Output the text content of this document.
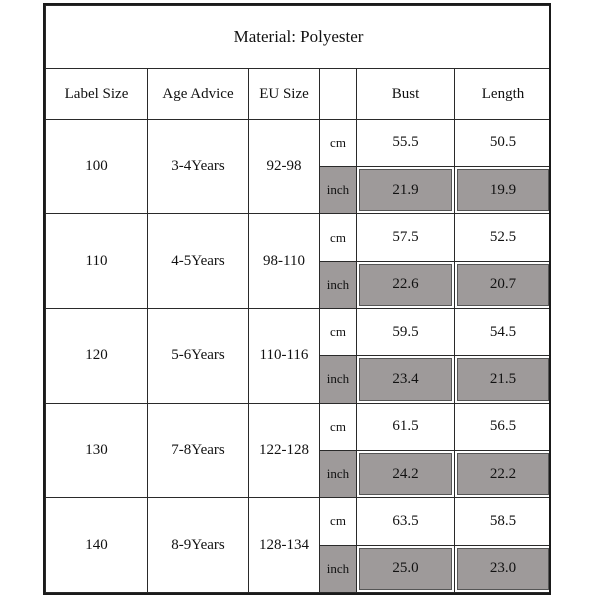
Material: Polyester					
Label Size	Age Advice	EU Size		Bust	Length
100	3-4Years	92-98	cm	55.5	50.5
			inch	21.9	19.9

110	4-5Years	98-110	cm	57.5	52.5
			inch	22.6	20.7

120	5-6Years	110-116	cm	59.5	54.5
			inch	23.4	21.5

130	7-8Years	122-128	cm	61.5	56.5
			inch	24.2	22.2

140	8-9Years	128-134	cm	63.5	58.5
			inch	25.0	23.0
